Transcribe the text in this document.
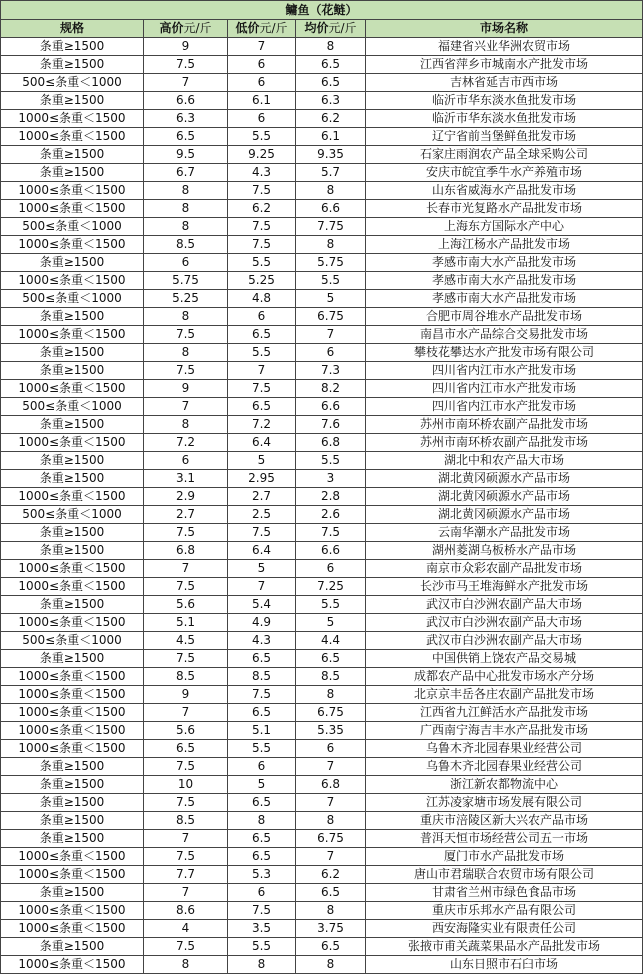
鳙鱼（花鲢）				
规格	高价元/斤	低价元/斤	均价元/斤	市场名称
条重≥1500	9	7	8	福建省兴业华洲农贸市场
条重≥1500	7.5	6	6.5	江西省萍乡市城南水产批发市场
500≤条重＜1000	7	6	6.5	吉林省延吉市西市场
条重≥1500	6.6	6.1	6.3	临沂市华东淡水鱼批发市场
1000≤条重＜1500	6.3	6	6.2	临沂市华东淡水鱼批发市场
1000≤条重＜1500	6.5	5.5	6.1	辽宁省前当堡鲜鱼批发市场
条重≥1500	9.5	9.25	9.35	石家庄雨润农产品全球采购公司
条重≥1500	6.7	4.3	5.7	安庆市皖宜季牛水产养殖市场
1000≤条重＜1500	8	7.5	8	山东省威海水产品批发市场
1000≤条重＜1500	8	6.2	6.6	长春市光复路水产品批发市场
500≤条重＜1000	8	7.5	7.75	上海东方国际水产中心
1000≤条重＜1500	8.5	7.5	8	上海江杨水产品批发市场
条重≥1500	6	5.5	5.75	孝感市南大水产品批发市场
1000≤条重＜1500	5.75	5.25	5.5	孝感市南大水产品批发市场
500≤条重＜1000	5.25	4.8	5	孝感市南大水产品批发市场
条重≥1500	8	6	6.75	合肥市周谷堆水产品批发市场
1000≤条重＜1500	7.5	6.5	7	南昌市水产品综合交易批发市场
条重≥1500	8	5.5	6	攀枝花攀达水产批发市场有限公司
条重≥1500	7.5	7	7.3	四川省内江市水产批发市场
1000≤条重＜1500	9	7.5	8.2	四川省内江市水产批发市场
500≤条重＜1000	7	6.5	6.6	四川省内江市水产批发市场
条重≥1500	8	7.2	7.6	苏州市南环桥农副产品批发市场
1000≤条重＜1500	7.2	6.4	6.8	苏州市南环桥农副产品批发市场
条重≥1500	6	5	5.5	湖北中和农产品大市场
条重≥1500	3.1	2.95	3	湖北黄冈硕源水产品市场
1000≤条重＜1500	2.9	2.7	2.8	湖北黄冈硕源水产品市场
500≤条重＜1000	2.7	2.5	2.6	湖北黄冈硕源水产品市场
条重≥1500	7.5	7.5	7.5	云南华潮水产品批发市场
条重≥1500	6.8	6.4	6.6	湖州菱湖乌板桥水产品市场
1000≤条重＜1500	7	5	6	南京市众彩农副产品批发市场
1000≤条重＜1500	7.5	7	7.25	长沙市马王堆海鲜水产批发市场
条重≥1500	5.6	5.4	5.5	武汉市白沙洲农副产品大市场
1000≤条重＜1500	5.1	4.9	5	武汉市白沙洲农副产品大市场
500≤条重＜1000	4.5	4.3	4.4	武汉市白沙洲农副产品大市场
条重≥1500	7.5	6.5	6.5	中国供销上饶农产品交易城
1000≤条重＜1500	8.5	8.5	8.5	成都农产品中心批发市场水产分场
1000≤条重＜1500	9	7.5	8	北京京丰岳各庄农副产品批发市场
1000≤条重＜1500	7	6.5	6.75	江西省九江鲜活水产品批发市场
1000≤条重＜1500	5.6	5.1	5.35	广西南宁海吉丰水产品批发市场
1000≤条重＜1500	6.5	5.5	6	乌鲁木齐北园春果业经营公司
条重≥1500	7.5	6	7	乌鲁木齐北园春果业经营公司
条重≥1500	10	5	6.8	浙江新农都物流中心
条重≥1500	7.5	6.5	7	江苏凌家塘市场发展有限公司
条重≥1500	8.5	8	8	重庆市涪陵区新大兴农产品市场
条重≥1500	7	6.5	6.75	普洱天恒市场经营公司五一市场
1000≤条重＜1500	7.5	6.5	7	厦门市水产品批发市场
1000≤条重＜1500	7.7	5.3	6.2	唐山市君瑞联合农贸市场有限公司
条重≥1500	7	6	6.5	甘肃省兰州市绿色食品市场
1000≤条重＜1500	8.6	7.5	8	重庆市乐邦水产品有限公司
1000≤条重＜1500	4	3.5	3.75	西安海隆实业有限责任公司
条重≥1500	7.5	5.5	6.5	张掖市甫关蔬菜果品水产品批发市场
1000≤条重＜1500	8	8	8	山东日照市石臼市场
